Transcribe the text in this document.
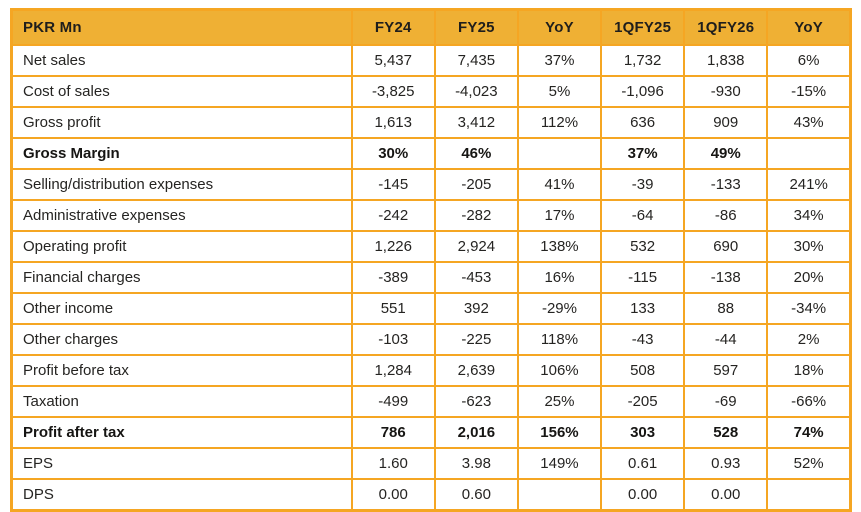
PKR Mn	FY24	FY25	YoY	1QFY25	1QFY26	YoY
Net sales	5,437	7,435	37%	1,732	1,838	6%
Cost of sales	-3,825	-4,023	5%	-1,096	-930	-15%
Gross profit	1,613	3,412	112%	636	909	43%
Gross Margin	30%	46%		37%	49%	
Selling/distribution expenses	-145	-205	41%	-39	-133	241%
Administrative expenses	-242	-282	17%	-64	-86	34%
Operating profit	1,226	2,924	138%	532	690	30%
Financial charges	-389	-453	16%	-115	-138	20%
Other income	551	392	-29%	133	88	-34%
Other charges	-103	-225	118%	-43	-44	2%
Profit before tax	1,284	2,639	106%	508	597	18%
Taxation	-499	-623	25%	-205	-69	-66%
Profit after tax	786	2,016	156%	303	528	74%
EPS	1.60	3.98	149%	0.61	0.93	52%
DPS	0.00	0.60		0.00	0.00	
